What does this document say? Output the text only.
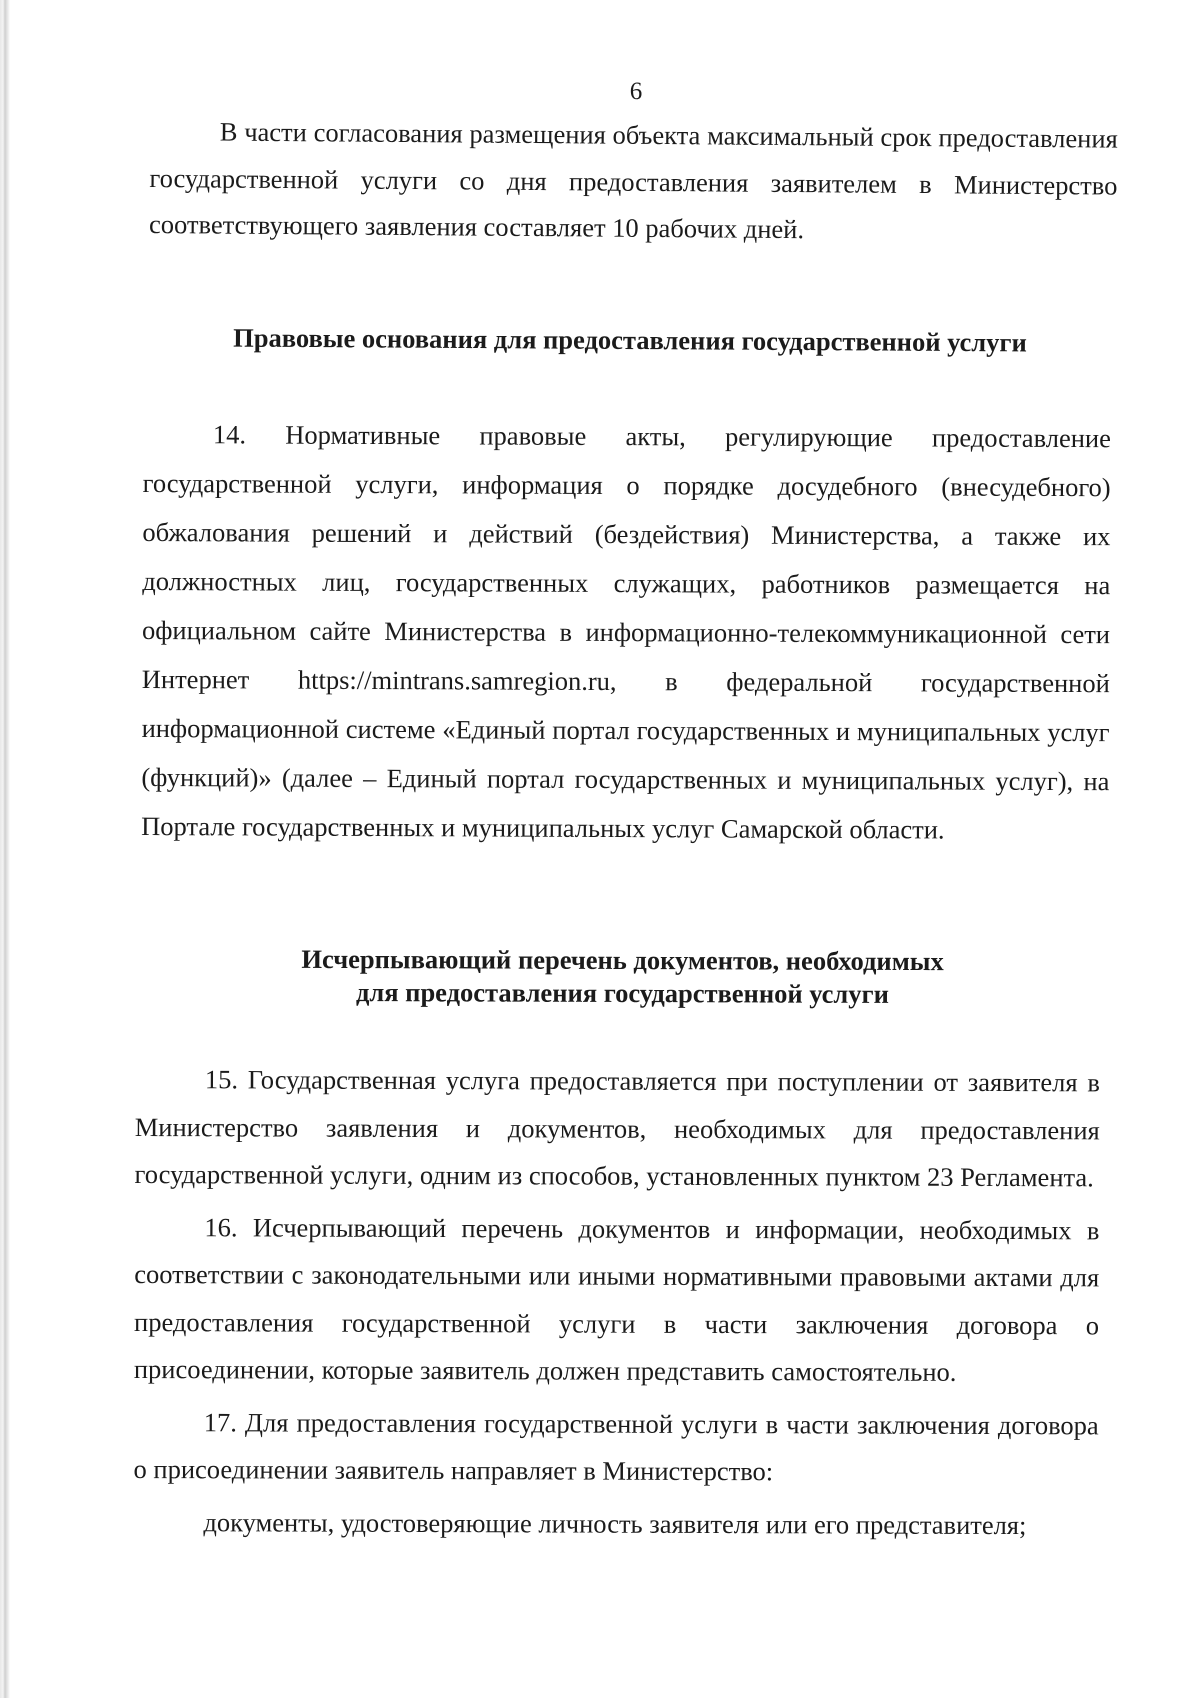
6

В части согласования размещения объекта максимальный срок предоставления государственной услуги со дня предоставления заявителем в Министерство соответствующего заявления составляет 10 рабочих дней.

Правовые основания для предоставления государственной услуги

14. Нормативные правовые акты, регулирующие предоставление государственной услуги, информация о порядке досудебного (внесудебного) обжалования решений и действий (бездействия) Министерства, а также их должностных лиц, государственных служащих, работников размещается на официальном сайте Министерства в информационно-телекоммуникационной сети Интернет https://mintrans.samregion.ru, в федеральной государственной информационной системе «Единый портал государственных и муниципальных услуг (функций)» (далее – Единый портал государственных и муниципальных услуг), на Портале государственных и муниципальных услуг Самарской области.

Исчерпывающий перечень документов, необходимых
для предоставления государственной услуги

15. Государственная услуга предоставляется при поступлении от заявителя в Министерство заявления и документов, необходимых для предоставления государственной услуги, одним из способов, установленных пунктом 23 Регламента.

16. Исчерпывающий перечень документов и информации, необходимых в соответствии с законодательными или иными нормативными правовыми актами для предоставления государственной услуги в части заключения договора о присоединении, которые заявитель должен представить самостоятельно.

17. Для предоставления государственной услуги в части заключения договора о присоединении заявитель направляет в Министерство:

документы, удостоверяющие личность заявителя или его представителя;
